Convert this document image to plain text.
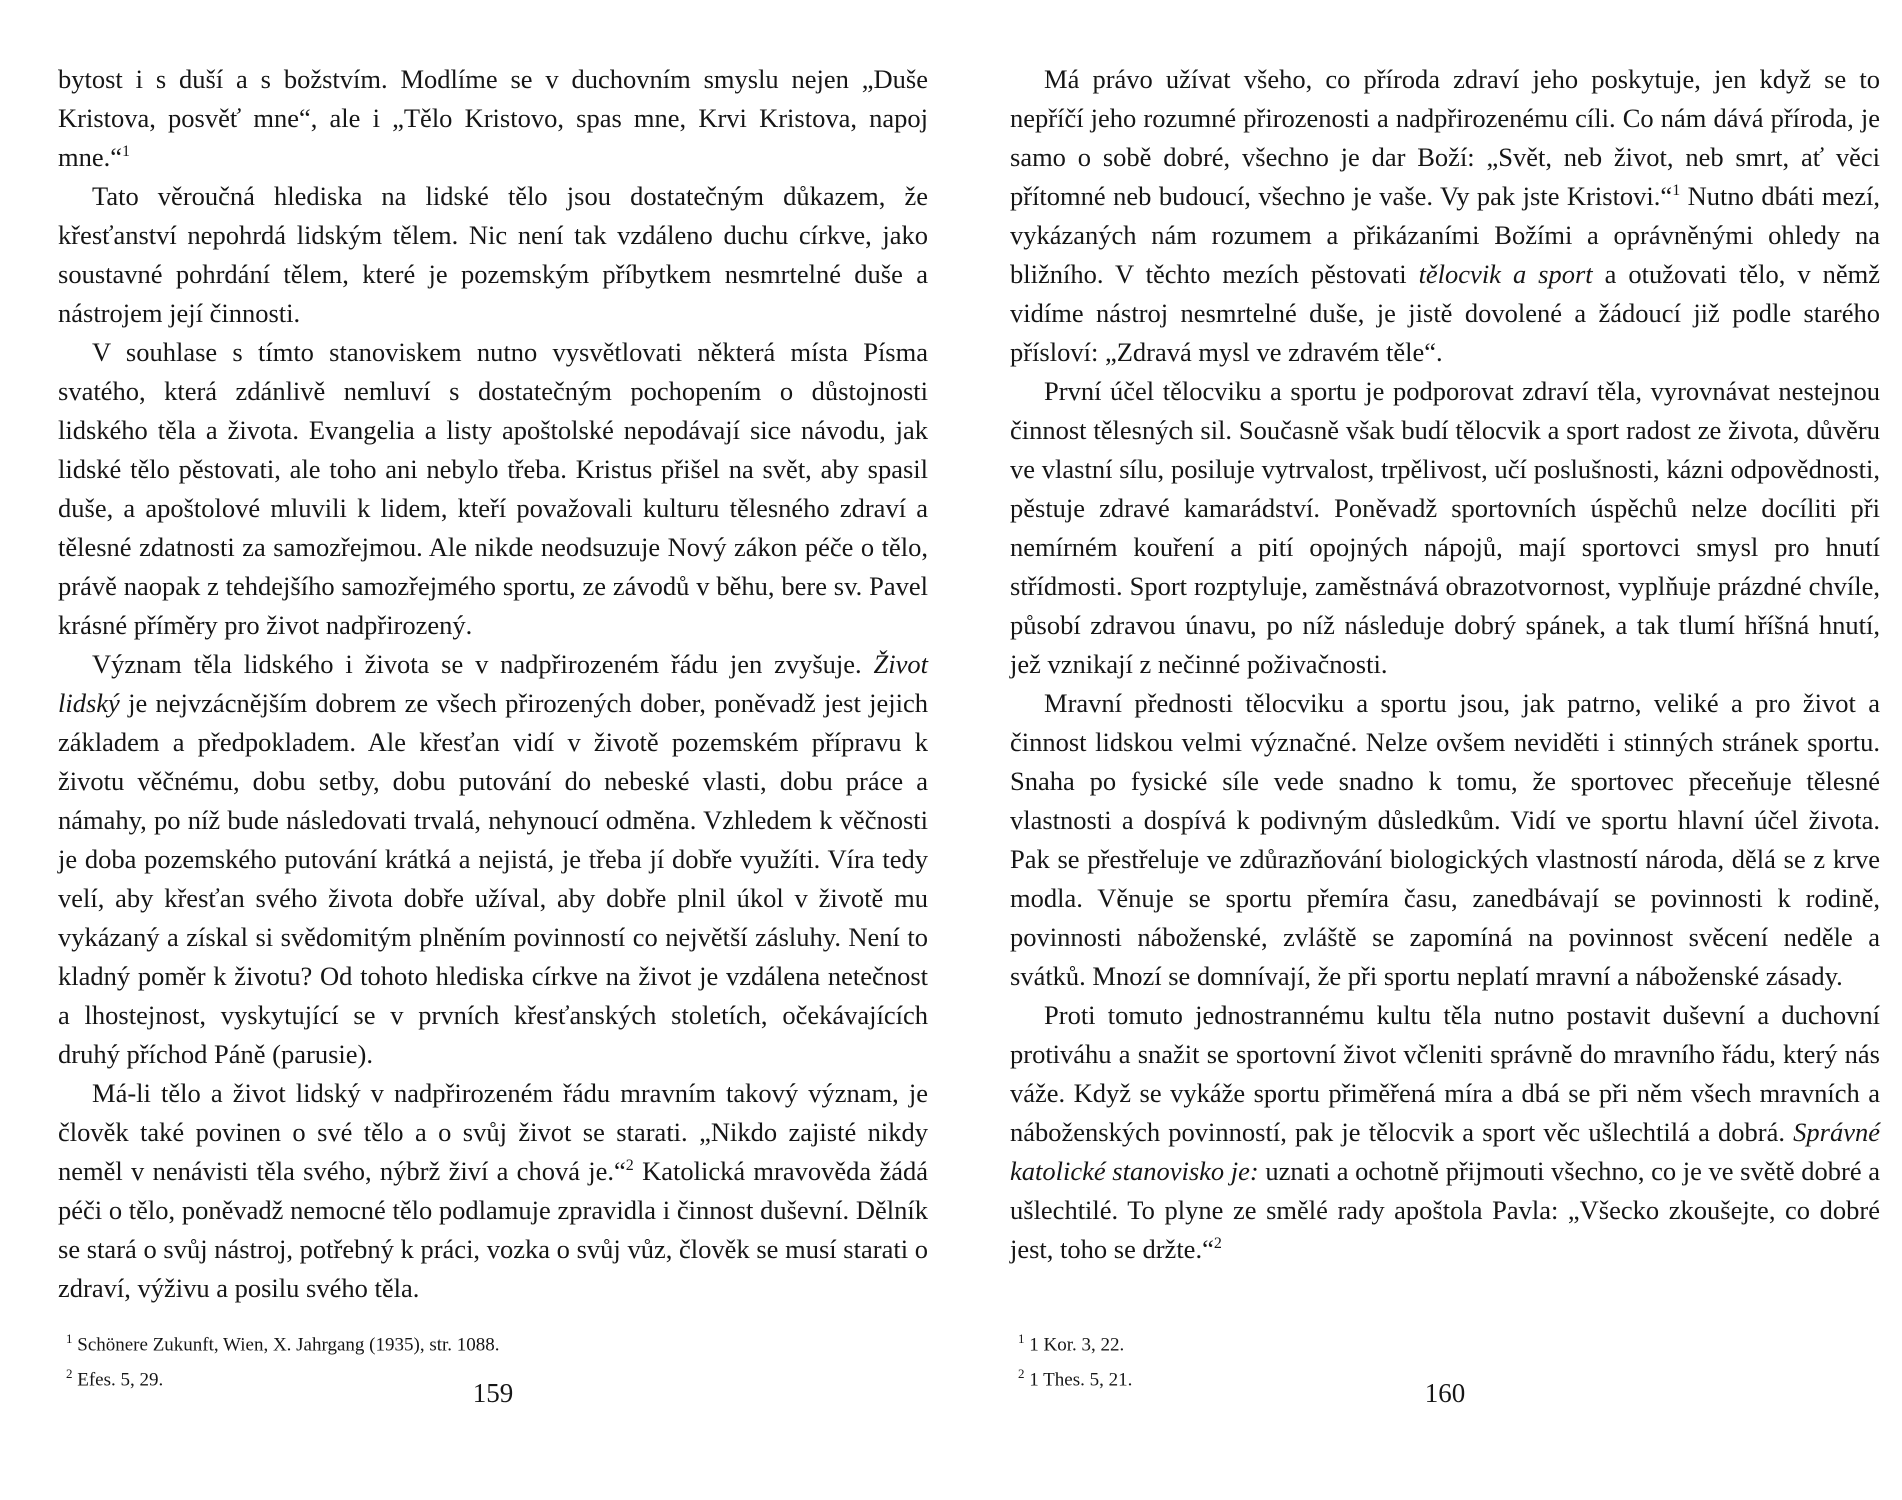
bytost i s duší a s božstvím. Modlíme se v duchovním smyslu nejen „Duše Kristova, posvěť mne“, ale i „Tělo Kristovo, spas mne, Krvi Kristova, napoj mne.“$^1$

Tato věroučná hlediska na lidské tělo jsou dostatečným důkazem, že křesťanství nepohrdá lidským tělem. Nic není tak vzdáleno duchu církve, jako soustavné pohrdání tělem, které je pozemským příbytkem nesmrtelné duše a nástrojem její činnosti.

V souhlase s tímto stanoviskem nutno vysvětlovati některá místa Písma svatého, která zdánlivě nemluví s dostatečným pochopením o důstojnosti lidského těla a života. Evangelia a listy apoštolské nepodávají sice návodu, jak lidské tělo pěstovati, ale toho ani nebylo třeba. Kristus přišel na svět, aby spasil duše, a apoštolové mluvili k lidem, kteří považovali kulturu tělesného zdraví a tělesné zdatnosti za samozřejmou. Ale nikde neodsuzuje Nový zákon péče o tělo, právě naopak z tehdejšího samozřejmého sportu, ze závodů v běhu, bere sv. Pavel krásné příměry pro život nadpřirozený.

Význam těla lidského i života se v nadpřirozeném řádu jen zvyšuje. Život lidský je nejvzácnějším dobrem ze všech přirozených dober, poněvadž jest jejich základem a předpokladem. Ale křesťan vidí v životě pozemském přípravu k životu věčnému, dobu setby, dobu putování do nebeské vlasti, dobu práce a námahy, po níž bude následovati trvalá, nehynoucí odměna. Vzhledem k věčnosti je doba pozemského putování krátká a nejistá, je třeba jí dobře využíti. Víra tedy velí, aby křesťan svého života dobře užíval, aby dobře plnil úkol v životě mu vykázaný a získal si svědomitým plněním povinností co největší zásluhy. Není to kladný poměr k životu? Od tohoto hlediska církve na život je vzdálena netečnost a lhostejnost, vyskytující se v prvních křesťanských stoletích, očekávajících druhý příchod Páně (parusie).

Má-li tělo a život lidský v nadpřirozeném řádu mravním takový význam, je člověk také povinen o své tělo a o svůj život se starati. „Nikdo zajisté nikdy neměl v nenávisti těla svého, nýbrž živí a chová je.“$^2$ Katolická mravověda žádá péči o tělo, poněvadž nemocné tělo podlamuje zpravidla i činnost duševní. Dělník se stará o svůj nástroj, potřebný k práci, vozka o svůj vůz, člověk se musí starati o zdraví, výživu a posilu svého těla.

$^1$ Schönere Zukunft, Wien, X. Jahrgang (1935), str. 1088.

$^2$ Efes. 5, 29.	159

Má právo užívat všeho, co příroda zdraví jeho poskytuje, jen když se to nepříčí jeho rozumné přirozenosti a nadpřirozenému cíli. Co nám dává příroda, je samo o sobě dobré, všechno je dar Boží: „Svět, neb život, neb smrt, ať věci přítomné neb budoucí, všechno je vaše. Vy pak jste Kristovi.“$^1$ Nutno dbáti mezí, vykázaných nám rozumem a přikázaními Božími a oprávněnými ohledy na bližního. V těchto mezích pěstovati tělocvik a sport a otužovati tělo, v němž vidíme nástroj nesmrtelné duše, je jistě dovolené a žádoucí již podle starého přísloví: „Zdravá mysl ve zdravém těle“.

První účel tělocviku a sportu je podporovat zdraví těla, vyrovnávat nestejnou činnost tělesných sil. Současně však budí tělocvik a sport radost ze života, důvěru ve vlastní sílu, posiluje vytrvalost, trpělivost, učí poslušnosti, kázni odpovědnosti, pěstuje zdravé kamarádství. Poněvadž sportovních úspěchů nelze docíliti při nemírném kouření a pití opojných nápojů, mají sportovci smysl pro hnutí střídmosti. Sport rozptyluje, zaměstnává obrazotvornost, vyplňuje prázdné chvíle, působí zdravou únavu, po níž následuje dobrý spánek, a tak tlumí hříšná hnutí, jež vznikají z nečinné poživačnosti.

Mravní přednosti tělocviku a sportu jsou, jak patrno, veliké a pro život a činnost lidskou velmi význačné. Nelze ovšem neviděti i stinných stránek sportu. Snaha po fysické síle vede snadno k tomu, že sportovec přeceňuje tělesné vlastnosti a dospívá k podivným důsledkům. Vidí ve sportu hlavní účel života. Pak se přestřeluje ve zdůrazňování biologických vlastností národa, dělá se z krve modla. Věnuje se sportu přemíra času, zanedbávají se povinnosti k rodině, povinnosti náboženské, zvláště se zapomíná na povinnost svěcení neděle a svátků. Mnozí se domnívají, že při sportu neplatí mravní a náboženské zásady.

Proti tomuto jednostrannému kultu těla nutno postavit duševní a duchovní protiváhu a snažit se sportovní život včleniti správně do mravního řádu, který nás váže. Když se vykáže sportu přiměřená míra a dbá se při něm všech mravních a náboženských povinností, pak je tělocvik a sport věc ušlechtilá a dobrá. Správné katolické stanovisko je: uznati a ochotně přijmouti všechno, co je ve světě dobré a ušlechtilé. To plyne ze smělé rady apoštola Pavla: „Všecko zkoušejte, co dobré jest, toho se držte.“$^2$

$^1$ 1 Kor. 3, 22.

$^2$ 1 Thes. 5, 21.	160
